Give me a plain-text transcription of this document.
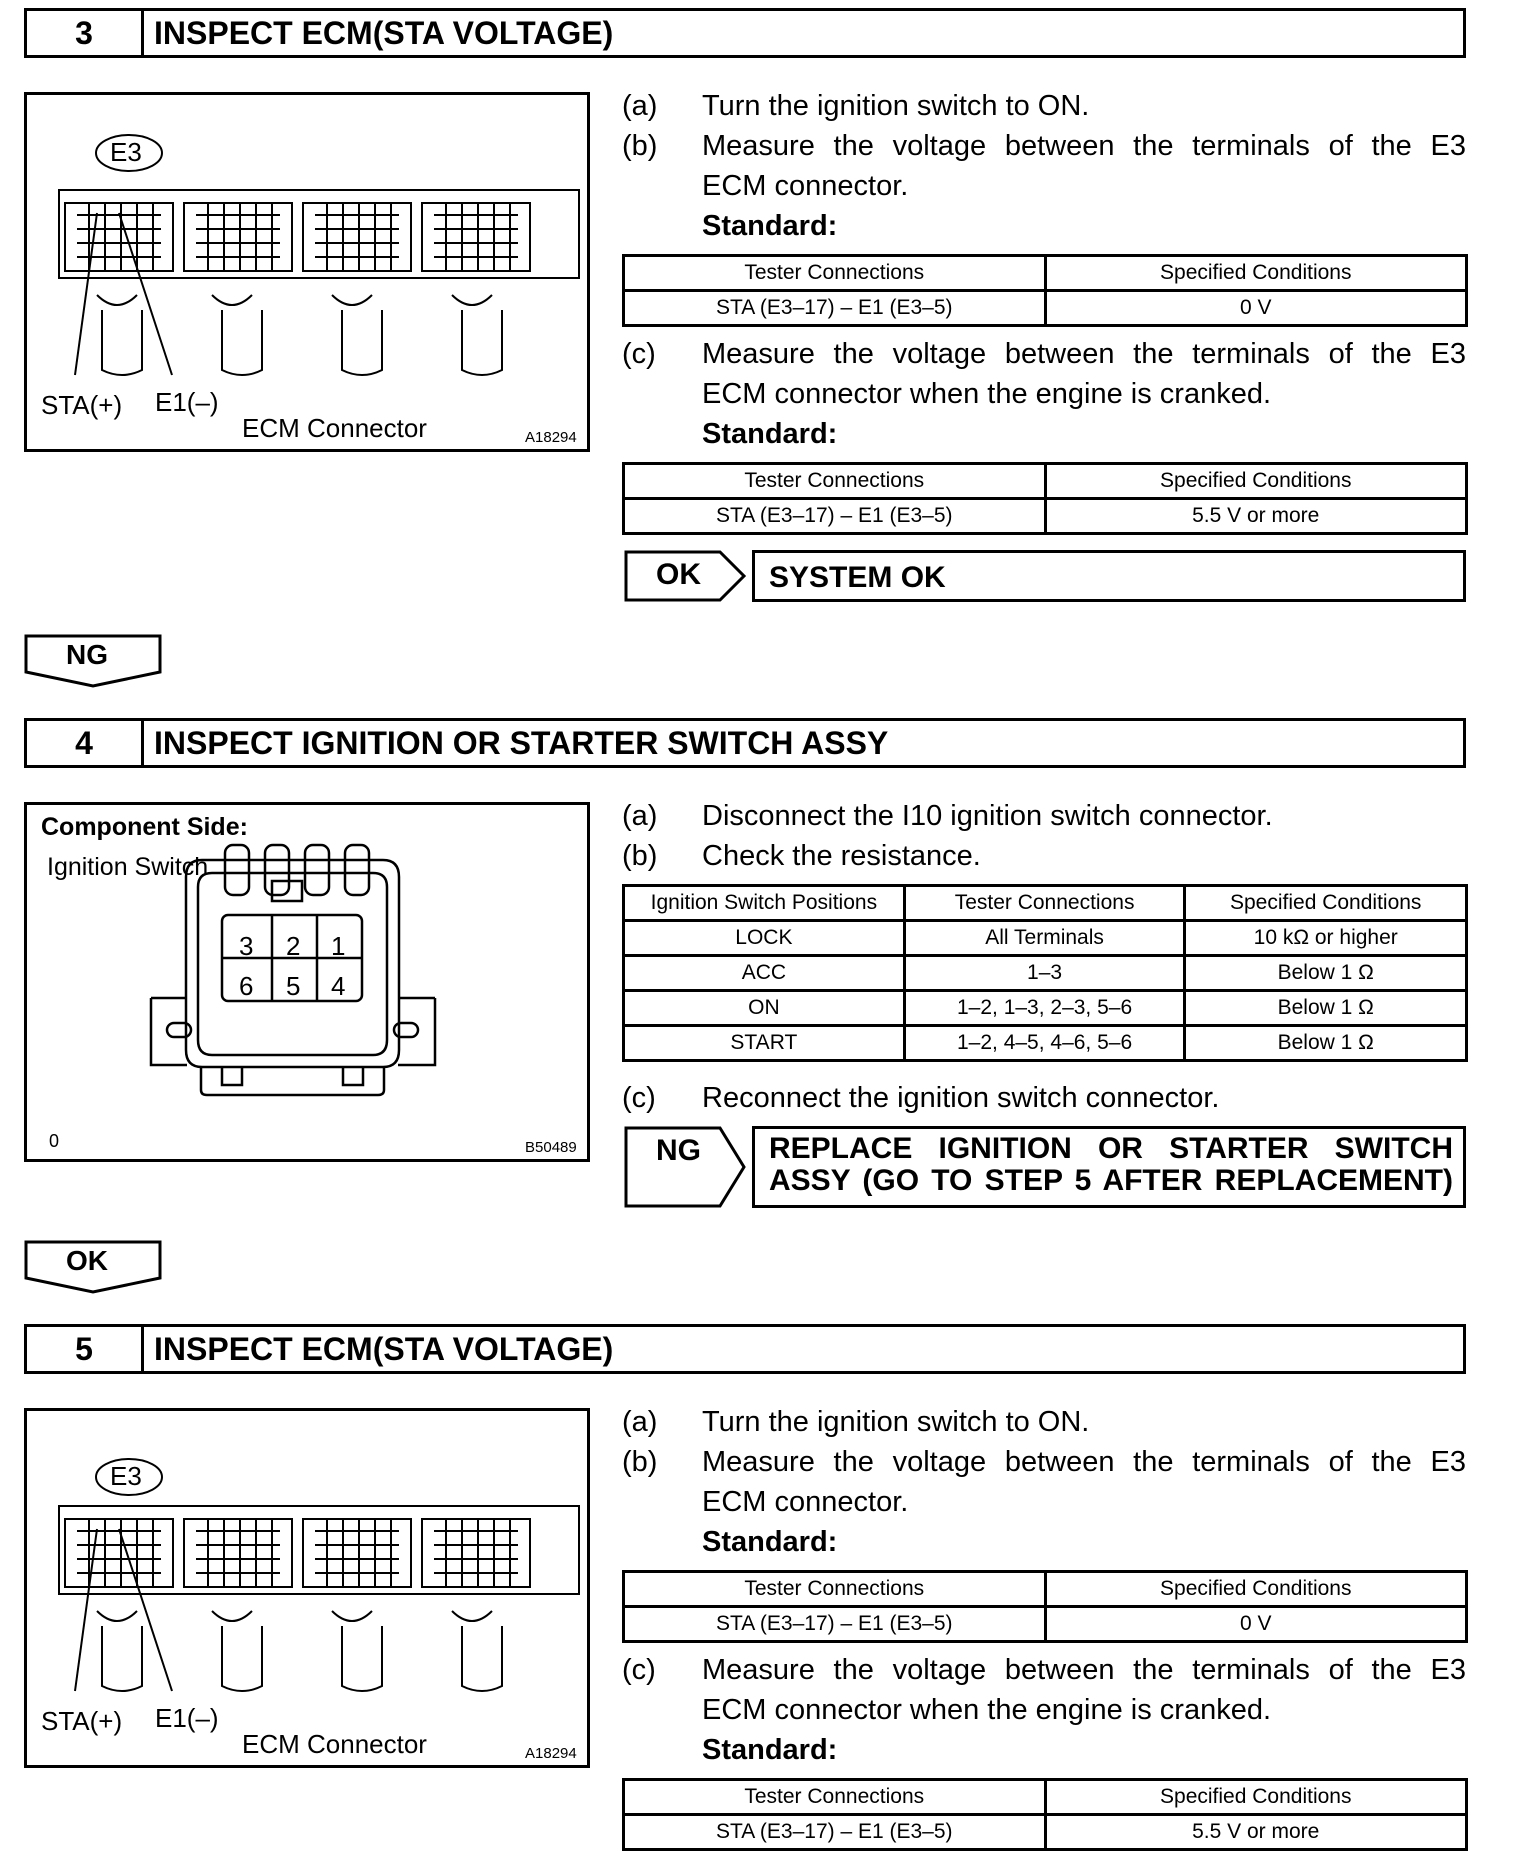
3	INSPECT ECM(STA VOLTAGE)
E3
STA(+) E1(–)
ECM Connector	A18294
(a) Turn the ignition switch to ON.
(b) Measure the voltage between the terminals of the E3
ECM connector.
Standard:
Tester Connections	Specified Conditions
STA (E3–17) – E1 (E3–5)	0 V
(c) Measure the voltage between the terminals of the E3
ECM connector when the engine is cranked.
Standard:
Tester Connections	Specified Conditions
STA (E3–17) – E1 (E3–5)	5.5 V or more
OK	SYSTEM OK
NG
4	INSPECT IGNITION OR STARTER SWITCH ASSY
Component Side:
Ignition Switch
3 2 1
6 5 4
0	B50489
(a) Disconnect the I10 ignition switch connector.
(b) Check the resistance.
Ignition Switch Positions	Tester Connections	Specified Conditions
LOCK	All Terminals	10 kΩ or higher
ACC	1–3	Below 1 Ω
ON	1–2, 1–3, 2–3, 5–6	Below 1 Ω
START	1–2, 4–5, 4–6, 5–6	Below 1 Ω
(c) Reconnect the ignition switch connector.
NG REPLACE IGNITION OR STARTER SWITCH
ASSY (GO TO STEP 5 AFTER REPLACEMENT)
OK
5	INSPECT ECM(STA VOLTAGE)
E3
STA(+) E1(–)
ECM Connector	A18294
(a) Turn the ignition switch to ON.
(b) Measure the voltage between the terminals of the E3
ECM connector.
Standard:
Tester Connections	Specified Conditions
STA (E3–17) – E1 (E3–5)	0 V
(c) Measure the voltage between the terminals of the E3
ECM connector when the engine is cranked.
Standard:
Tester Connections	Specified Conditions
STA (E3–17) – E1 (E3–5)	5.5 V or more
